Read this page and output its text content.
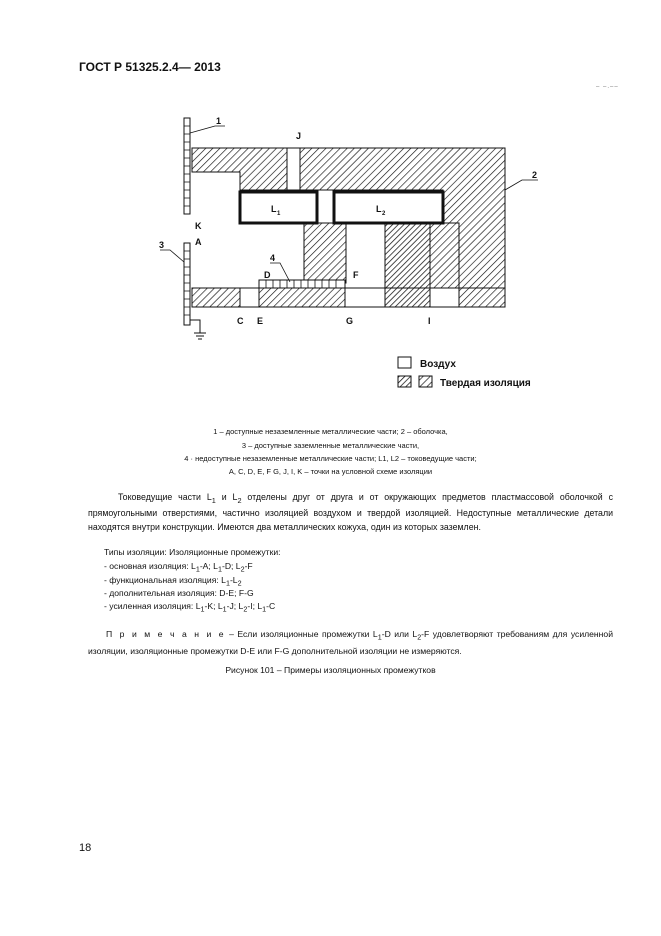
ГОСТ Р 51325.2.4— 2013
– –.––
L 1	L 2
1
J
2
K
3	A
4
D	F
C E	G	I
Воздух
Твердая изоляция
1 – доступные незаземленные металлические части; 2 – оболочка,
3 – доступные заземленные металлические части,
4 · недоступные незаземленные металлические части; L1, L2 – токоведущие части;
А, С, D, E, F G, J, I, K – точки на условной схеме изоляции
Токоведущие части $L_1$ и $L_2$ отделены друг от друга и от окружающих предметов пластмассовой оболочкой с прямоугольными отверстиями, частично изоляцией воздухом и твердой изоляцией. Недоступные металлические детали находятся внутри конструкции. Имеются два металлических кожуха, один из которых заземлен.
Типы изоляции: Изоляционные промежутки:
- основная изоляция: $L_1-A$; $L_1-D$; $L_2-F$
- функциональная изоляция: $L_1-L_2$
- дополнительная изоляция: D-E; F-G
- усиленная изоляция: $L_1-K$; $L_1-J$; $L_2-I$; $L_1-C$
П р и м е ч а н и е – Если изоляционные промежутки $L_1-D$ или $L_2-F$ удовлетворяют требованиям для усиленной изоляции, изоляционные промежутки D-E или F-G дополнительной изоляции не измеряются.
Рисунок 101 – Примеры изоляционных промежутков
18
